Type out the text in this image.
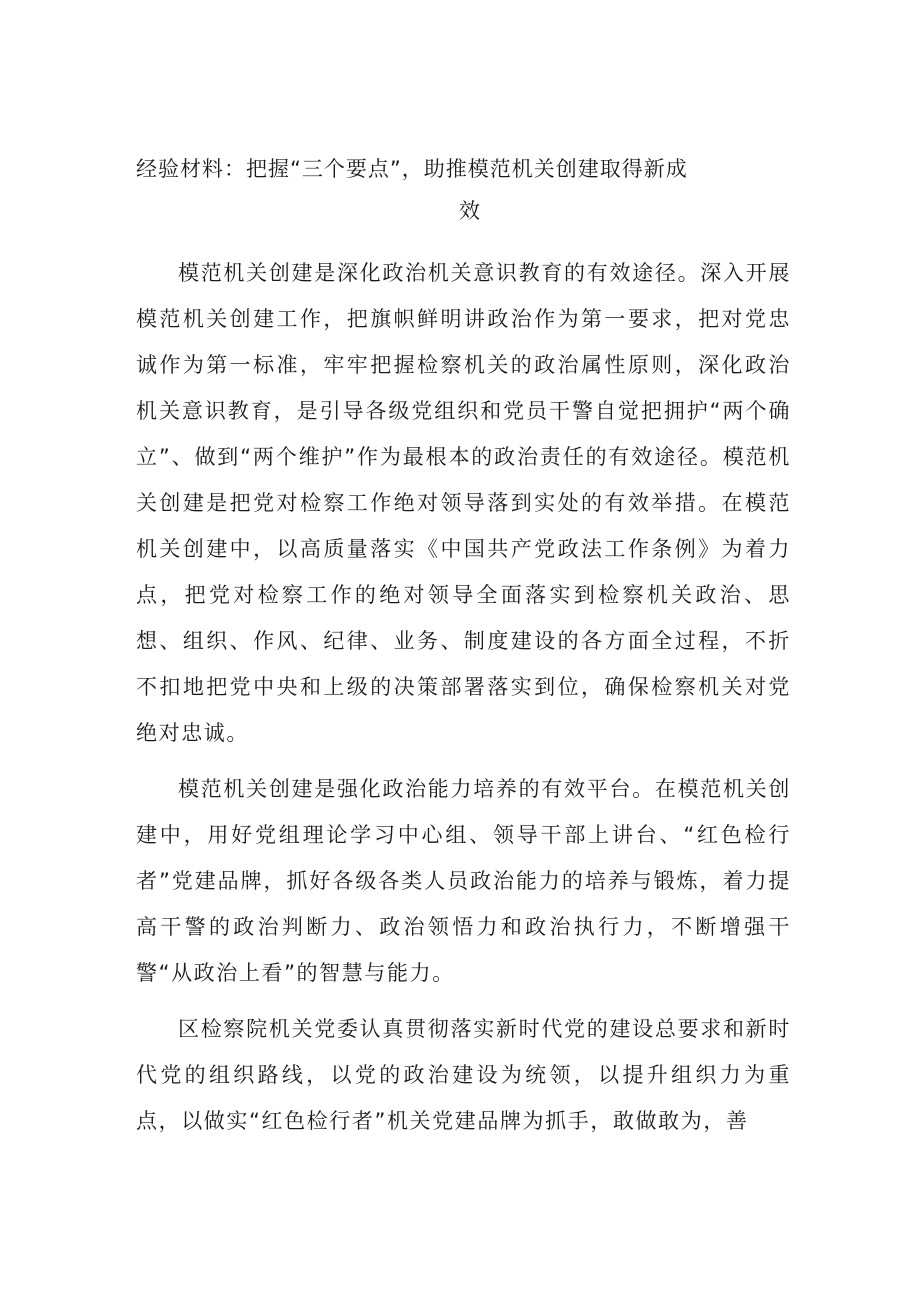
经验材料：把握“三个要点”，助推模范机关创建取得新成
效

模范机关创建是深化政治机关意识教育的有效途径。深入开展模范机关创建工作，把旗帜鲜明讲政治作为第一要求，把对党忠诚作为第一标准，牢牢把握检察机关的政治属性原则，深化政治机关意识教育，是引导各级党组织和党员干警自觉把拥护“两个确立”、做到“两个维护”作为最根本的政治责任的有效途径。模范机关创建是把党对检察工作绝对领导落到实处的有效举措。在模范机关创建中，以高质量落实《中国共产党政法工作条例》为着力点，把党对检察工作的绝对领导全面落实到检察机关政治、思想、组织、作风、纪律、业务、制度建设的各方面全过程，不折不扣地把党中央和上级的决策部署落实到位，确保检察机关对党绝对忠诚。

模范机关创建是强化政治能力培养的有效平台。在模范机关创建中，用好党组理论学习中心组、领导干部上讲台、“红色检行者”党建品牌，抓好各级各类人员政治能力的培养与锻炼，着力提高干警的政治判断力、政治领悟力和政治执行力，不断增强干警“从政治上看”的智慧与能力。

区检察院机关党委认真贯彻落实新时代党的建设总要求和新时代党的组织路线，以党的政治建设为统领，以提升组织力为重点，以做实“红色检行者”机关党建品牌为抓手，敢做敢为，善
